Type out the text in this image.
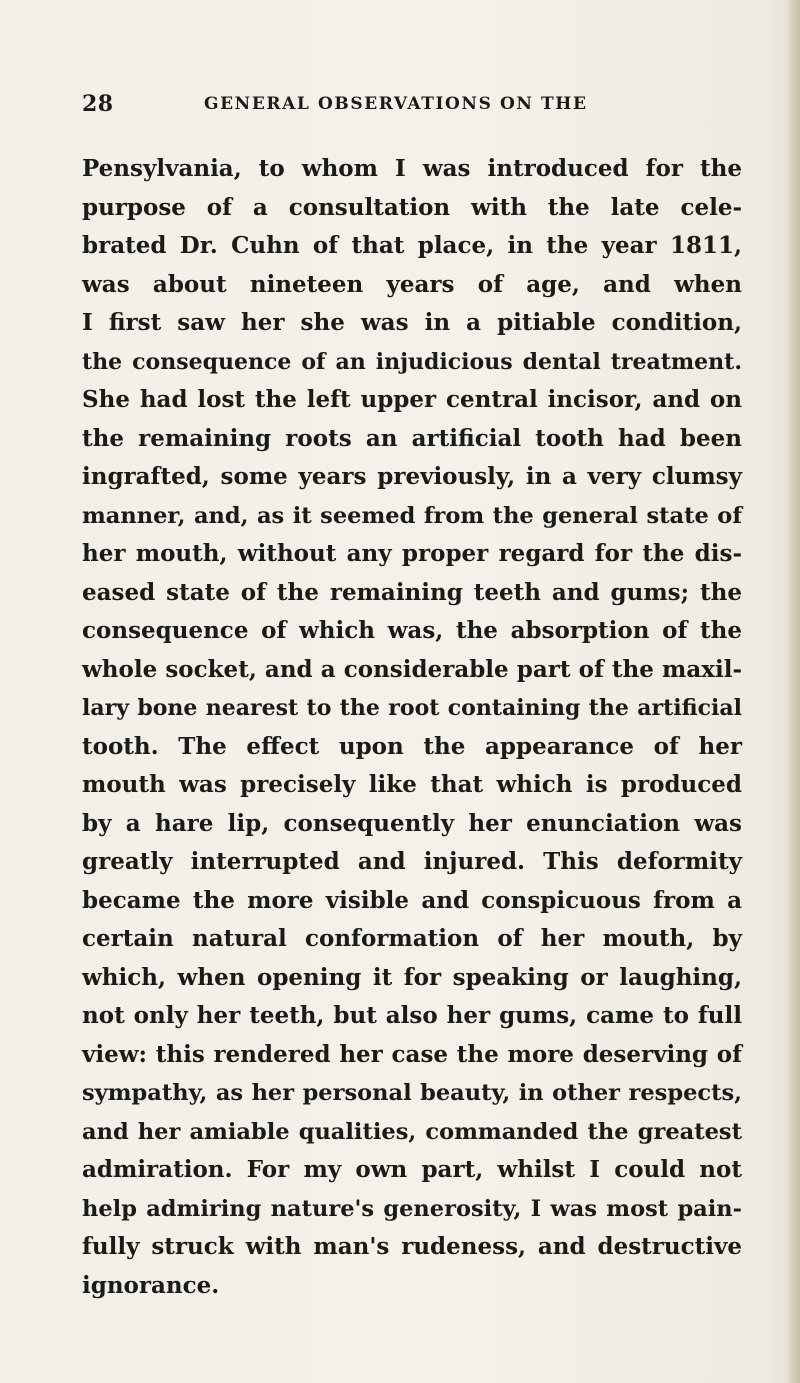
28	GENERAL OBSERVATIONS ON THE
Pensylvania, to whom I was introduced for the
purpose of a consultation with the late cele-
brated Dr. Cuhn of that place, in the year 1811,
was about nineteen years of age, and when
I first saw her she was in a pitiable condition,
the consequence of an injudicious dental treatment.
She had lost the left upper central incisor, and on
the remaining roots an artificial tooth had been
ingrafted, some years previously, in a very clumsy
manner, and, as it seemed from the general state of
her mouth, without any proper regard for the dis-
eased state of the remaining teeth and gums; the
consequence of which was, the absorption of the
whole socket, and a considerable part of the maxil-
lary bone nearest to the root containing the artificial
tooth. The effect upon the appearance of her
mouth was precisely like that which is produced
by a hare lip, consequently her enunciation was
greatly interrupted and injured. This deformity
became the more visible and conspicuous from a
certain natural conformation of her mouth, by
which, when opening it for speaking or laughing,
not only her teeth, but also her gums, came to full
view: this rendered her case the more deserving of
sympathy, as her personal beauty, in other respects,
and her amiable qualities, commanded the greatest
admiration. For my own part, whilst I could not
help admiring nature's generosity, I was most pain-
fully struck with man's rudeness, and destructive
ignorance.
